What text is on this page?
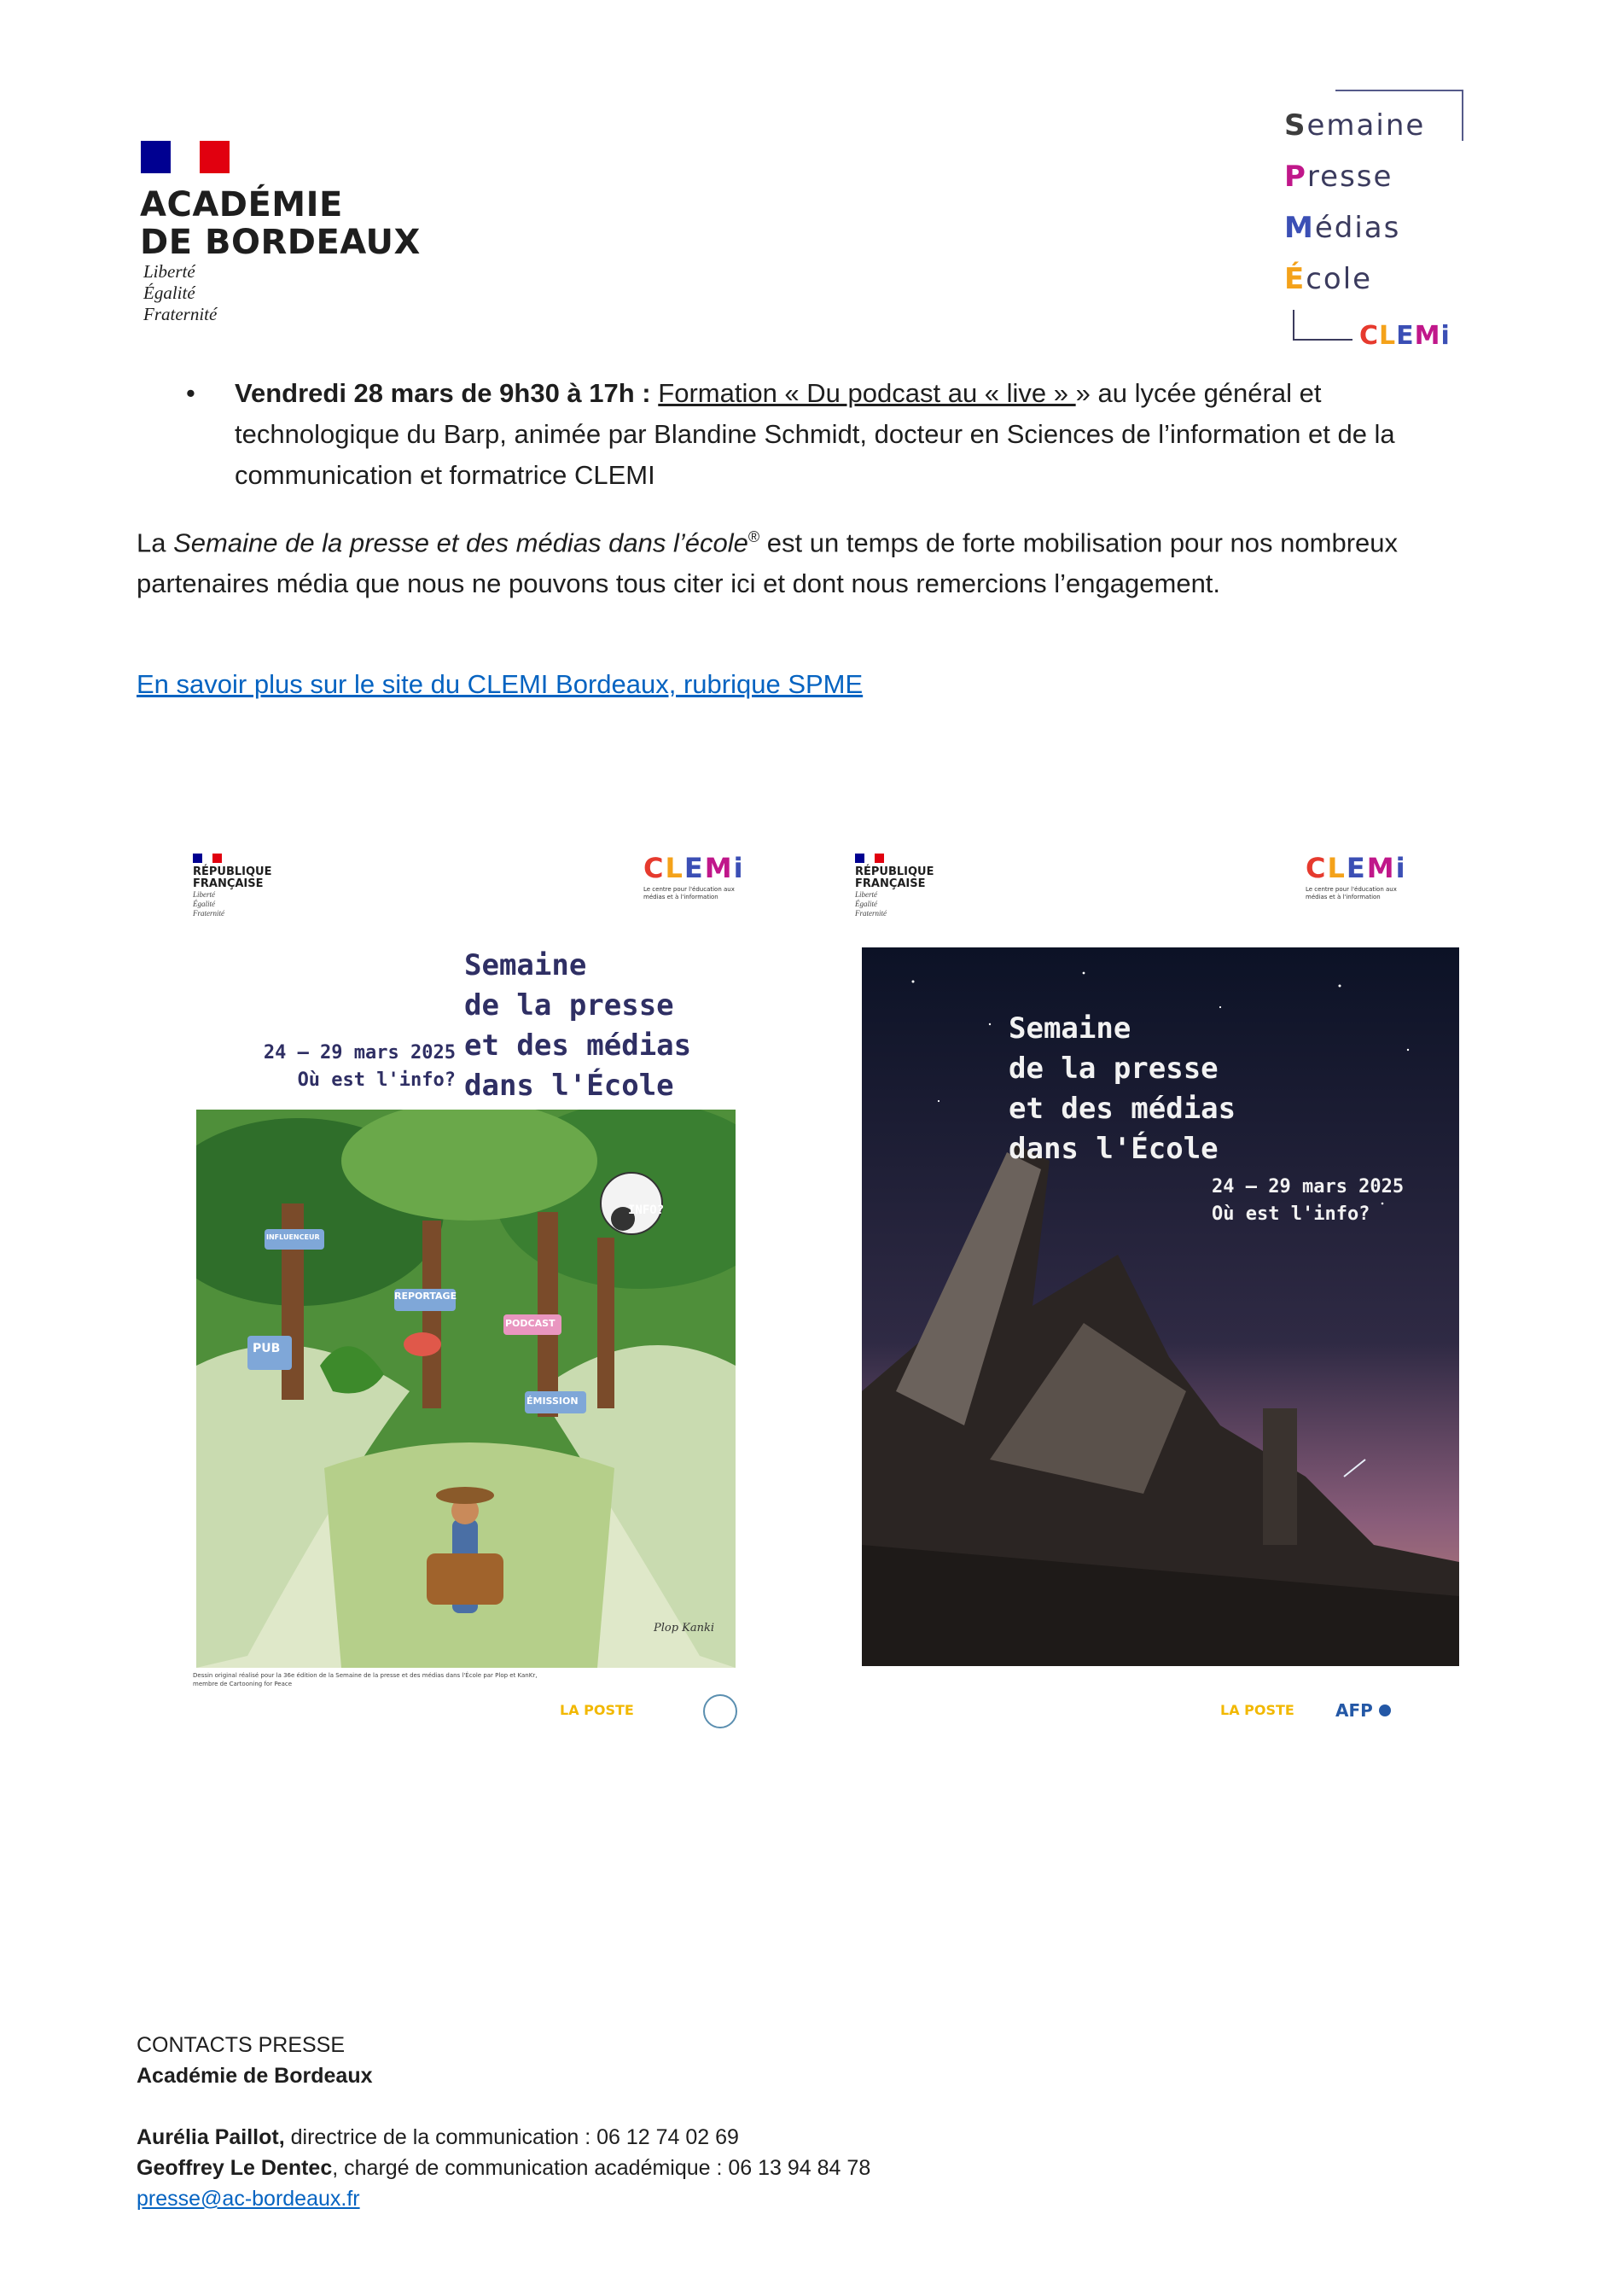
ACADÉMIE
DE BORDEAUX
Liberté
Égalité
Fraternité
Semaine
Presse
Médias
École
CLEMi
• Vendredi 28 mars de 9h30 à 17h : Formation « Du podcast au « live » » au lycée général et technologique du Barp, animée par Blandine Schmidt, docteur en Sciences de l’information et de la communication et formatrice CLEMI
La Semaine de la presse et des médias dans l’école® est un temps de forte mobilisation pour nos nombreux partenaires média que nous ne pouvons tous citer ici et dont nous remercions l’engagement.
En savoir plus sur le site du CLEMI Bordeaux, rubrique SPME
RÉPUBLIQUE FRANÇAISE
Liberté Égalité Fraternité
CLEMi
Le centre pour l'éducation aux médias et à l'information
Semaine
de la presse
et des médias
dans l'École
24 — 29 mars 2025
Où est l'info?
INFO?
REPORTAGE
PUB
PODCAST
ÉMISSION
INFLUENCEUR
Plop Kanki
Dessin original réalisé pour la 36e édition de la Semaine de la presse et des médias dans l'École par Plop et KanKr, membre de Cartooning for Peace
LA POSTE
RÉPUBLIQUE FRANÇAISE
Liberté Égalité Fraternité
CLEMi
Le centre pour l'éducation aux médias et à l'information
Semaine
de la presse
et des médias
dans l'École
24 — 29 mars 2025
Où est l'info?
LA POSTE AFP
CONTACTS PRESSE
Académie de Bordeaux
Aurélia Paillot, directrice de la communication : 06 12 74 02 69
Geoffrey Le Dentec, chargé de communication académique : 06 13 94 84 78
presse@ac-bordeaux.fr
